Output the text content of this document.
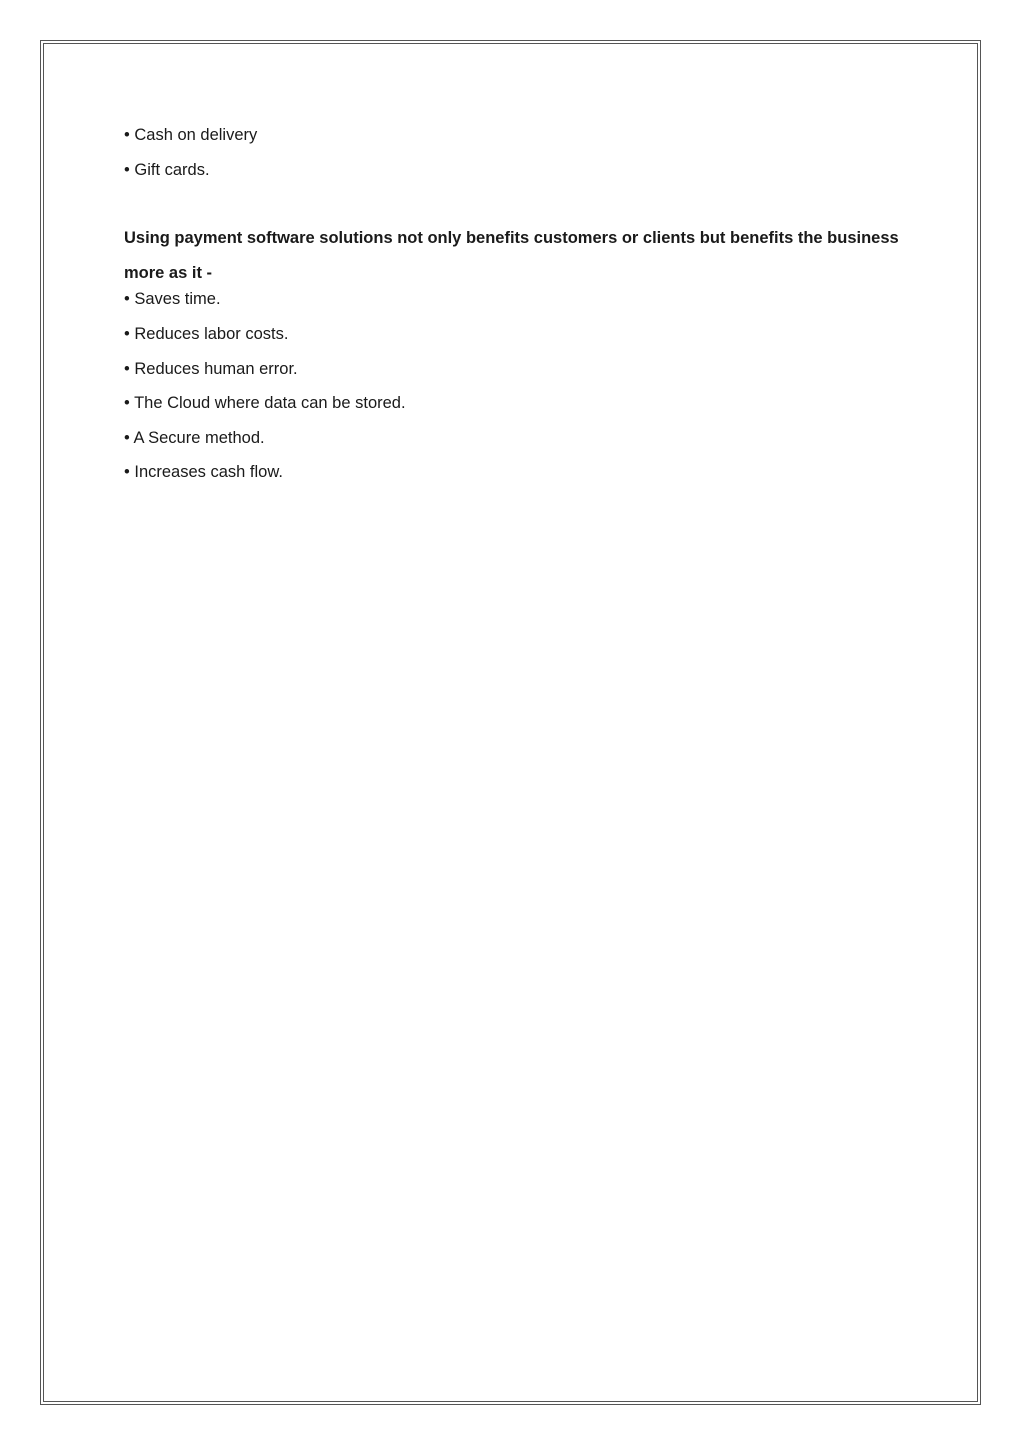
• Cash on delivery
• Gift cards.

Using payment software solutions not only benefits customers or clients but benefits the business more as it -

• Saves time.
• Reduces labor costs.
• Reduces human error.
• The Cloud where data can be stored.
• A Secure method.
• Increases cash flow.
